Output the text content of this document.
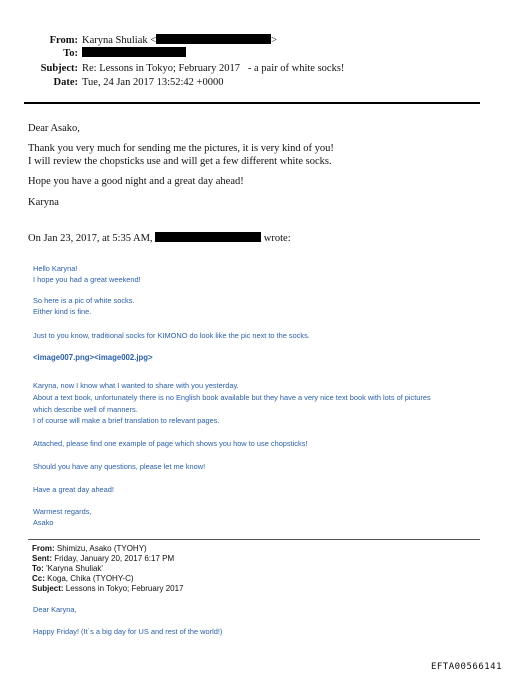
From: Karyna Shuliak <	>
To:
Subject: Re: Lessons in Tokyo; February 2017   - a pair of white socks!
Date: Tue, 24 Jan 2017 13:52:42 +0000
Dear Asako,
Thank you very much for sending me the pictures, it is very kind of you!
I will review the chopsticks use and will get a few different white socks.
Hope you have a good night and a great day ahead!
Karyna
On Jan 23, 2017, at 5:35 AM,	wrote:
Hello Karyna!
I hope you had a great weekend!
So here is a pic of white socks.
Either kind is fine.
Just to you know, traditional socks for KIMONO do look like the pic next to the socks.
<image007.png><image002.jpg>
Karyna, now I know what I wanted to share with you yesterday.
About a text book, unfortunately there is no English book available but they have a very nice text book with lots of pictures
which describe well of manners.
I of course will make a brief translation to relevant pages.
Attached, please find one example of page which shows you how to use chopsticks!
Should you have any questions, please let me know!
Have a great day ahead!
Warmest regards,
Asako
From: Shimizu, Asako (TYOHY)
Sent: Friday, January 20, 2017 6:17 PM
To: 'Karyna Shuliak'
Cc: Koga, Chika (TYOHY-C)
Subject: Lessons in Tokyo; February 2017
Dear Karyna,
Happy Friday! (It`s a big day for US and rest of the world!)
EFTA00566141
